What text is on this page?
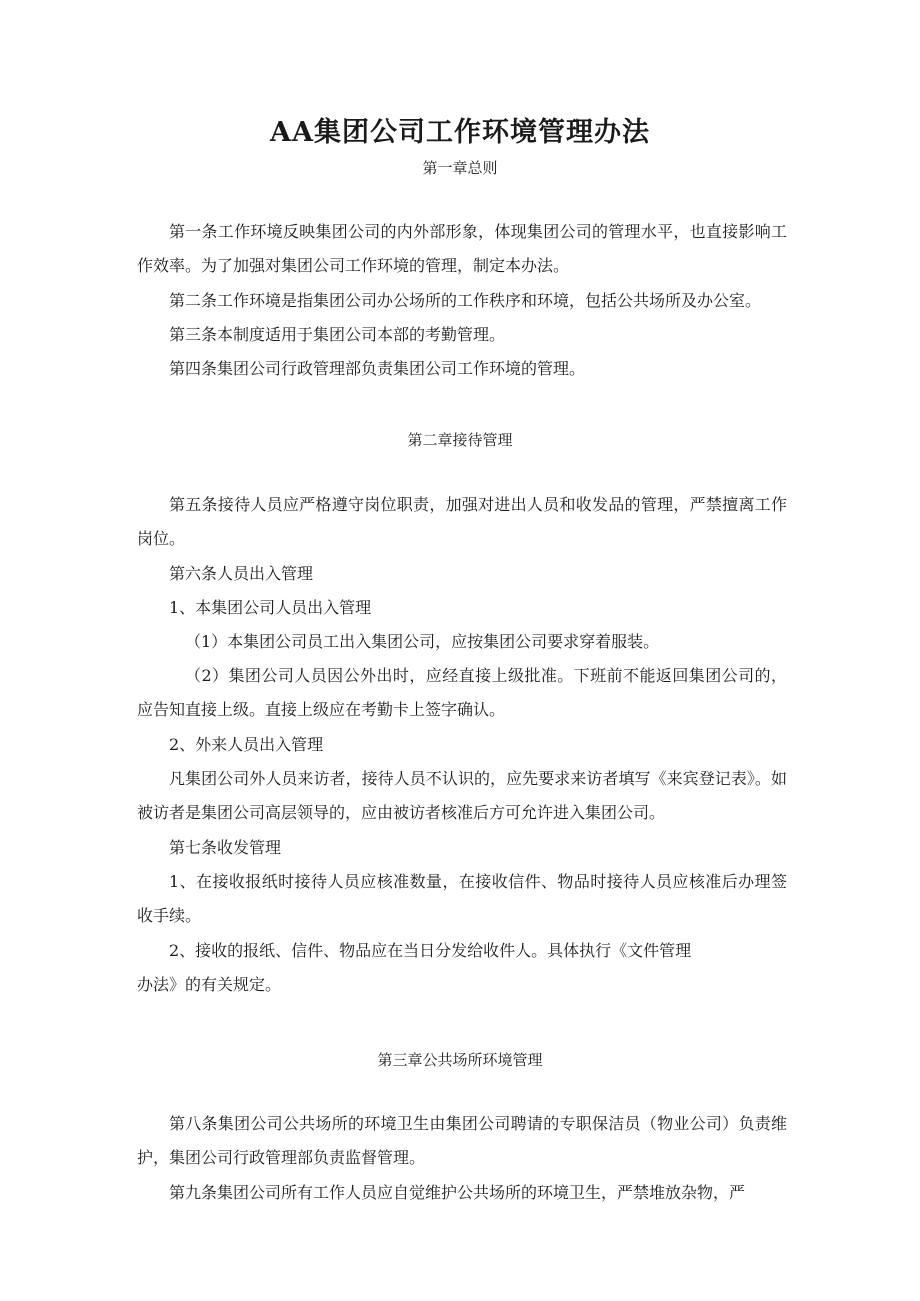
AA集团公司工作环境管理办法
第一章总则
第一条工作环境反映集团公司的内外部形象，体现集团公司的管理水平，也直接影响工作效率。为了加强对集团公司工作环境的管理，制定本办法。
第二条工作环境是指集团公司办公场所的工作秩序和环境，包括公共场所及办公室。
第三条本制度适用于集团公司本部的考勤管理。
第四条集团公司行政管理部负责集团公司工作环境的管理。
第二章接待管理
第五条接待人员应严格遵守岗位职责，加强对进出人员和收发品的管理，严禁擅离工作岗位。
第六条人员出入管理
1、本集团公司人员出入管理
（1）本集团公司员工出入集团公司，应按集团公司要求穿着服装。
（2）集团公司人员因公外出时，应经直接上级批准。下班前不能返回集团公司的，应告知直接上级。直接上级应在考勤卡上签字确认。
2、外来人员出入管理
凡集团公司外人员来访者，接待人员不认识的，应先要求来访者填写《来宾登记表》。如被访者是集团公司高层领导的，应由被访者核准后方可允许进入集团公司。
第七条收发管理
1、在接收报纸时接待人员应核准数量，在接收信件、物品时接待人员应核准后办理签收手续。
2、接收的报纸、信件、物品应在当日分发给收件人。具体执行《文件管理
办法》的有关规定。
第三章公共场所环境管理
第八条集团公司公共场所的环境卫生由集团公司聘请的专职保洁员（物业公司）负责维护，集团公司行政管理部负责监督管理。
第九条集团公司所有工作人员应自觉维护公共场所的环境卫生，严禁堆放杂物，严
